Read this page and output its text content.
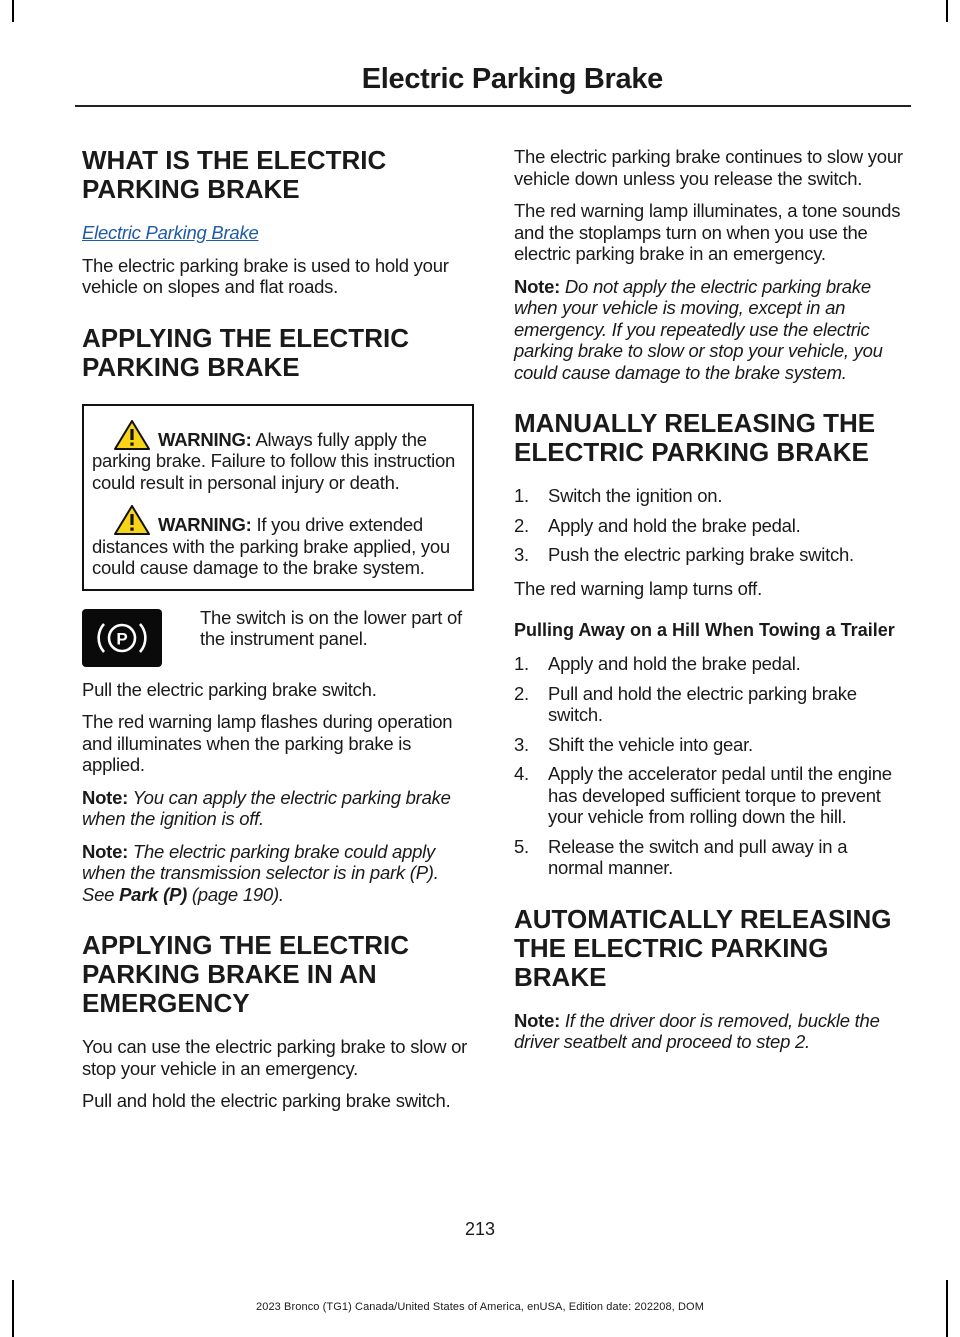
Electric Parking Brake
WHAT IS THE ELECTRIC
PARKING BRAKE

Electric Parking Brake

The electric parking brake is used to hold your vehicle on slopes and flat roads.

APPLYING THE ELECTRIC
PARKING BRAKE

WARNING: Always fully apply the parking brake. Failure to follow this instruction could result in personal injury or death.

WARNING: If you drive extended distances with the parking brake applied, you could cause damage to the brake system.

P

The switch is on the lower part of the instrument panel.

Pull the electric parking brake switch.

The red warning lamp flashes during operation and illuminates when the parking brake is applied.

Note: You can apply the electric parking brake when the ignition is off.

Note: The electric parking brake could apply when the transmission selector is in park (P). See Park (P) (page 190).

APPLYING THE ELECTRIC
PARKING BRAKE IN AN
EMERGENCY

You can use the electric parking brake to slow or stop your vehicle in an emergency.

Pull and hold the electric parking brake switch.

The electric parking brake continues to slow your vehicle down unless you release the switch.

The red warning lamp illuminates, a tone sounds and the stoplamps turn on when you use the electric parking brake in an emergency.

Note: Do not apply the electric parking brake when your vehicle is moving, except in an emergency. If you repeatedly use the electric parking brake to slow or stop your vehicle, you could cause damage to the brake system.

MANUALLY RELEASING THE
ELECTRIC PARKING BRAKE
1.	Switch the ignition on.
2.	Apply and hold the brake pedal.
3.	Push the electric parking brake switch.

The red warning lamp turns off.

Pulling Away on a Hill When Towing a Trailer
1.	Apply and hold the brake pedal.
2.	Pull and hold the electric parking brake switch.
3.	Shift the vehicle into gear.
4.	Apply the accelerator pedal until the engine has developed sufficient torque to prevent your vehicle from rolling down the hill.
5.	Release the switch and pull away in a normal manner.
AUTOMATICALLY RELEASING
THE ELECTRIC PARKING
BRAKE

Note: If the driver door is removed, buckle the driver seatbelt and proceed to step 2.

213
2023 Bronco (TG1) Canada/United States of America, enUSA, Edition date: 202208, DOM
